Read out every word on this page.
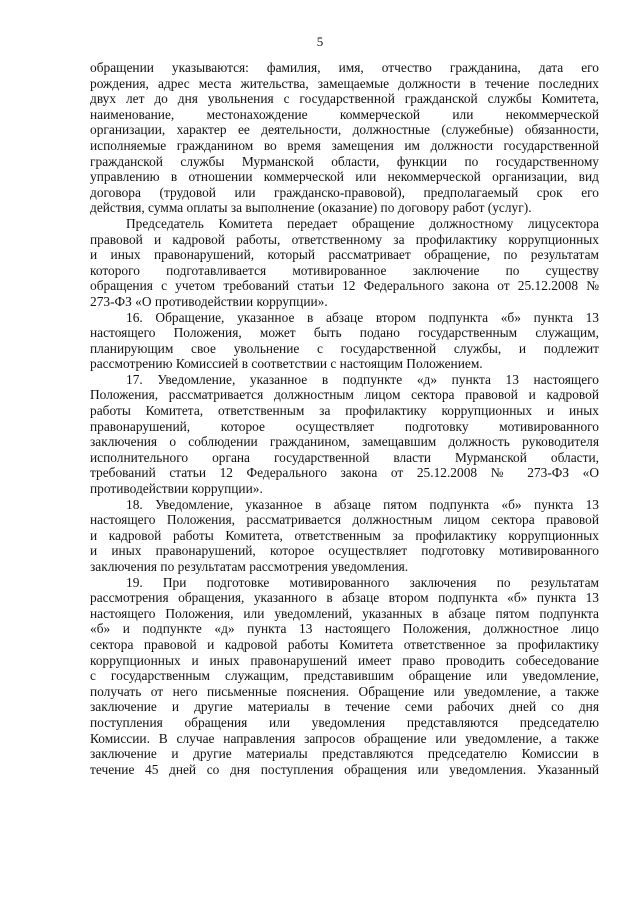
5
обращении указываются: фамилия, имя, отчество гражданина, дата его
рождения, адрес места жительства, замещаемые должности в течение последних
двух лет до дня увольнения с государственной гражданской службы Комитета,
наименование, местонахождение коммерческой или некоммерческой
организации, характер ее деятельности, должностные (служебные) обязанности,
исполняемые гражданином во время замещения им должности государственной
гражданской службы Мурманской области, функции по государственному
управлению в отношении коммерческой или некоммерческой организации, вид
договора (трудовой или гражданско-правовой), предполагаемый срок его
действия, сумма оплаты за выполнение (оказание) по договору работ (услуг).
Председатель Комитета передает обращение должностному лицусектора
правовой и кадровой работы, ответственному за профилактику коррупционных
и иных правонарушений, который рассматривает обращение, по результатам
которого подготавливается мотивированное заключение по существу
обращения с учетом требований статьи 12 Федерального закона от 25.12.2008 №
273-ФЗ «О противодействии коррупции».
16. Обращение, указанное в абзаце втором подпункта «б» пункта 13
настоящего Положения, может быть подано государственным служащим,
планирующим свое увольнение с государственной службы, и подлежит
рассмотрению Комиссией в соответствии с настоящим Положением.
17. Уведомление, указанное в подпункте «д» пункта 13 настоящего
Положения, рассматривается должностным лицом сектора правовой и кадровой
работы Комитета, ответственным за профилактику коррупционных и иных
правонарушений, которое осуществляет подготовку мотивированного
заключения о соблюдении гражданином, замещавшим должность руководителя
исполнительного органа государственной власти Мурманской области,
требований статьи 12 Федерального закона от 25.12.2008 № 273-ФЗ «О
противодействии коррупции».
18. Уведомление, указанное в абзаце пятом подпункта «б» пункта 13
настоящего Положения, рассматривается должностным лицом сектора правовой
и кадровой работы Комитета, ответственным за профилактику коррупционных
и иных правонарушений, которое осуществляет подготовку мотивированного
заключения по результатам рассмотрения уведомления.
19. При подготовке мотивированного заключения по результатам
рассмотрения обращения, указанного в абзаце втором подпункта «б» пункта 13
настоящего Положения, или уведомлений, указанных в абзаце пятом подпункта
«б» и подпункте «д» пункта 13 настоящего Положения, должностное лицо
сектора правовой и кадровой работы Комитета ответственное за профилактику
коррупционных и иных правонарушений имеет право проводить собеседование
с государственным служащим, представившим обращение или уведомление,
получать от него письменные пояснения. Обращение или уведомление, а также
заключение и другие материалы в течение семи рабочих дней со дня
поступления обращения или уведомления представляются председателю
Комиссии. В случае направления запросов обращение или уведомление, а также
заключение и другие материалы представляются председателю Комиссии в
течение 45 дней со дня поступления обращения или уведомления. Указанный
